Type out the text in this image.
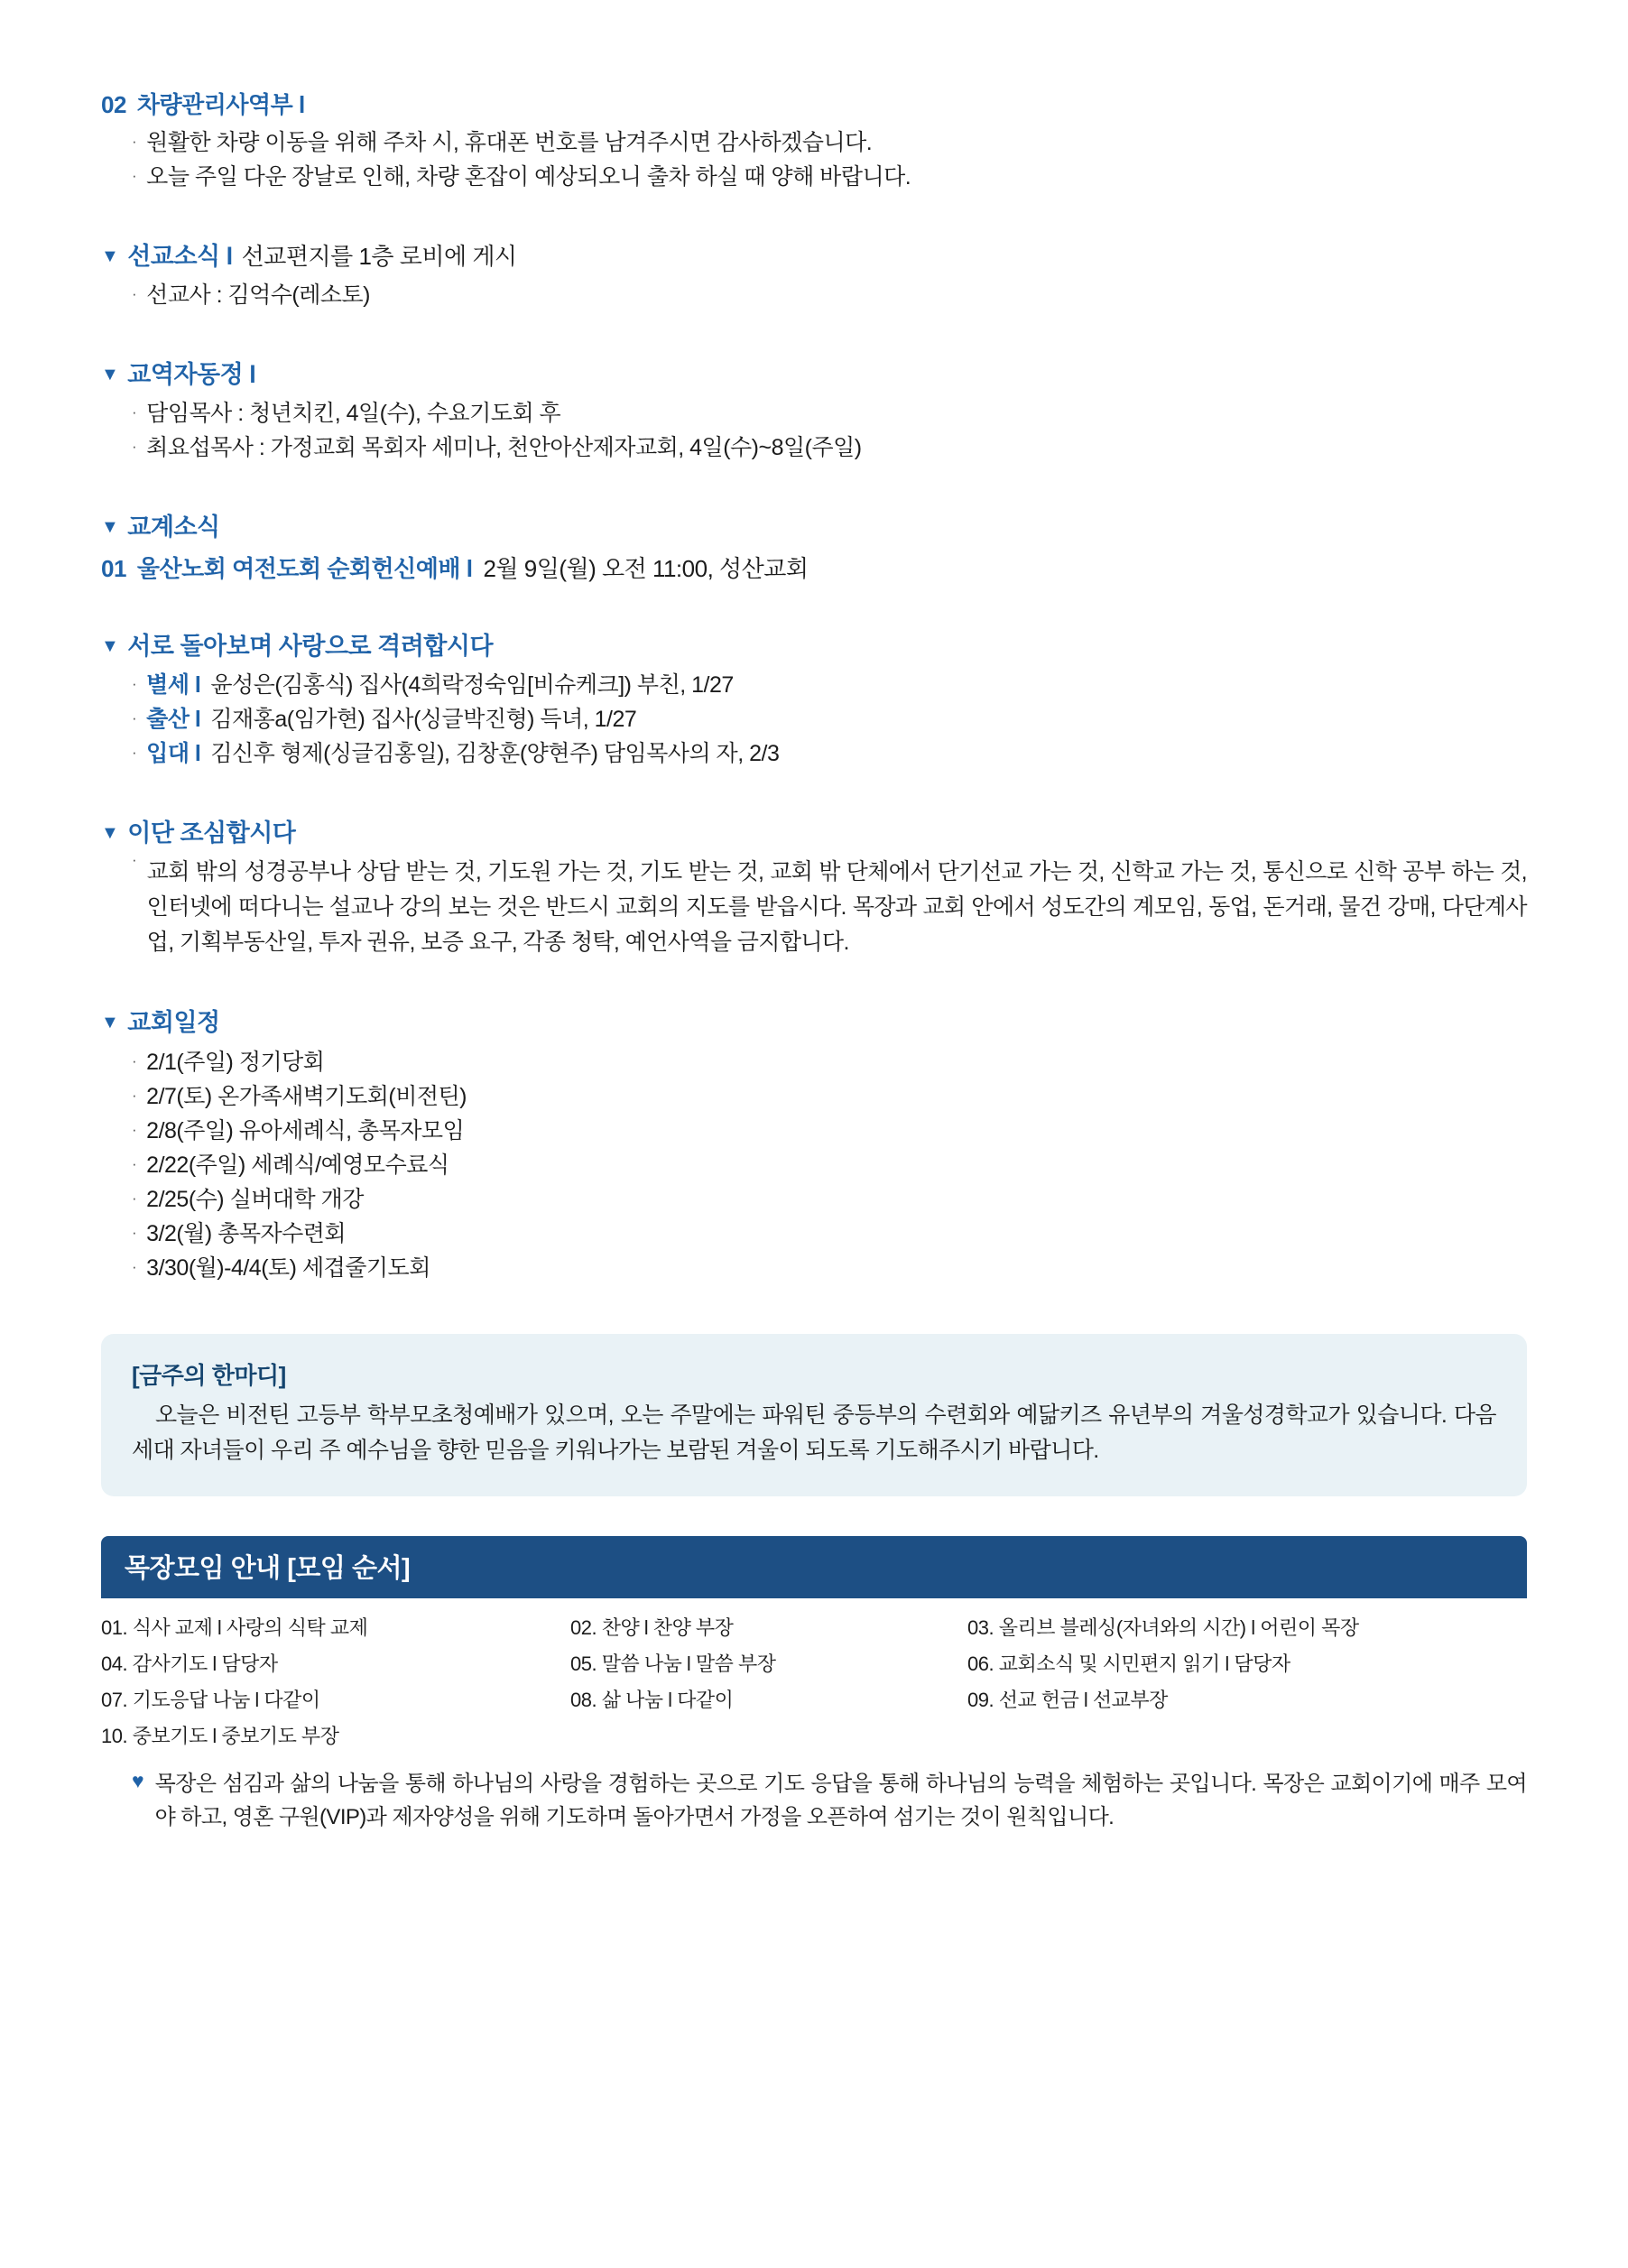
02 차량관리사역부 l
· 원활한 차량 이동을 위해 주차 시, 휴대폰 번호를 남겨주시면 감사하겠습니다.
· 오늘 주일 다운 장날로 인해, 차량 혼잡이 예상되오니 출차 하실 때 양해 바랍니다.
▼ 선교소식 l 선교편지를 1층 로비에 게시
· 선교사 : 김억수(레소토)
▼ 교역자동정 l
· 담임목사 : 청년치킨, 4일(수), 수요기도회 후
· 최요섭목사 : 가정교회 목회자 세미나, 천안아산제자교회, 4일(수)~8일(주일)
▼ 교계소식
01 울산노회 여전도회 순회헌신예배 l 2월 9일(월) 오전 11:00, 성산교회
▼ 서로 돌아보며 사랑으로 격려합시다
· 별세 l 윤성은(김홍식) 집사(4희락정숙임[비슈케크]) 부친, 1/27
· 출산 l 김재홍a(임가현) 집사(싱글박진형) 득녀, 1/27
· 입대 l 김신후 형제(싱글김홍일), 김창훈(양현주) 담임목사의 자, 2/3
▼ 이단 조심합시다
· 교회 밖의 성경공부나 상담 받는 것, 기도원 가는 것, 기도 받는 것, 교회 밖 단체에서 단기선교 가는 것, 신학교 가는 것, 통신으로 신학 공부 하는 것, 인터넷에 떠다니는 설교나 강의 보는 것은 반드시 교회의 지도를 받읍시다. 목장과 교회 안에서 성도간의 계모임, 동업, 돈거래, 물건 강매, 다단계사업, 기획부동산일, 투자 권유, 보증 요구, 각종 청탁, 예언사역을 금지합니다.
▼ 교회일정
· 2/1(주일) 정기당회
· 2/7(토) 온가족새벽기도회(비전틴)
· 2/8(주일) 유아세례식, 총목자모임
· 2/22(주일) 세례식/예영모수료식
· 2/25(수) 실버대학 개강
· 3/2(월) 총목자수련회
· 3/30(월)-4/4(토) 세겹줄기도회
[금주의 한마디]
오늘은 비전틴 고등부 학부모초청예배가 있으며, 오는 주말에는 파워틴 중등부의 수련회와 예닮키즈 유년부의 겨울성경학교가 있습니다. 다음세대 자녀들이 우리 주 예수님을 향한 믿음을 키워나가는 보람된 겨울이 되도록 기도해주시기 바랍니다.
목장모임 안내 [모임 순서]
01. 식사 교제 l 사랑의 식탁 교제	02. 찬양 l 찬양 부장	03. 올리브 블레싱(자녀와의 시간) l 어린이 목장
04. 감사기도 l 담당자	05. 말씀 나눔 l 말씀 부장	06. 교회소식 및 시민편지 읽기 l 담당자
07. 기도응답 나눔 l 다같이	08. 삶 나눔 l 다같이	09. 선교 헌금 l 선교부장
10. 중보기도 l 중보기도 부장
♥ 목장은 섬김과 삶의 나눔을 통해 하나님의 사랑을 경험하는 곳으로 기도 응답을 통해 하나님의 능력을 체험하는 곳입니다. 목장은 교회이기에 매주 모여야 하고, 영혼 구원(VIP)과 제자양성을 위해 기도하며 돌아가면서 가정을 오픈하여 섬기는 것이 원칙입니다.
